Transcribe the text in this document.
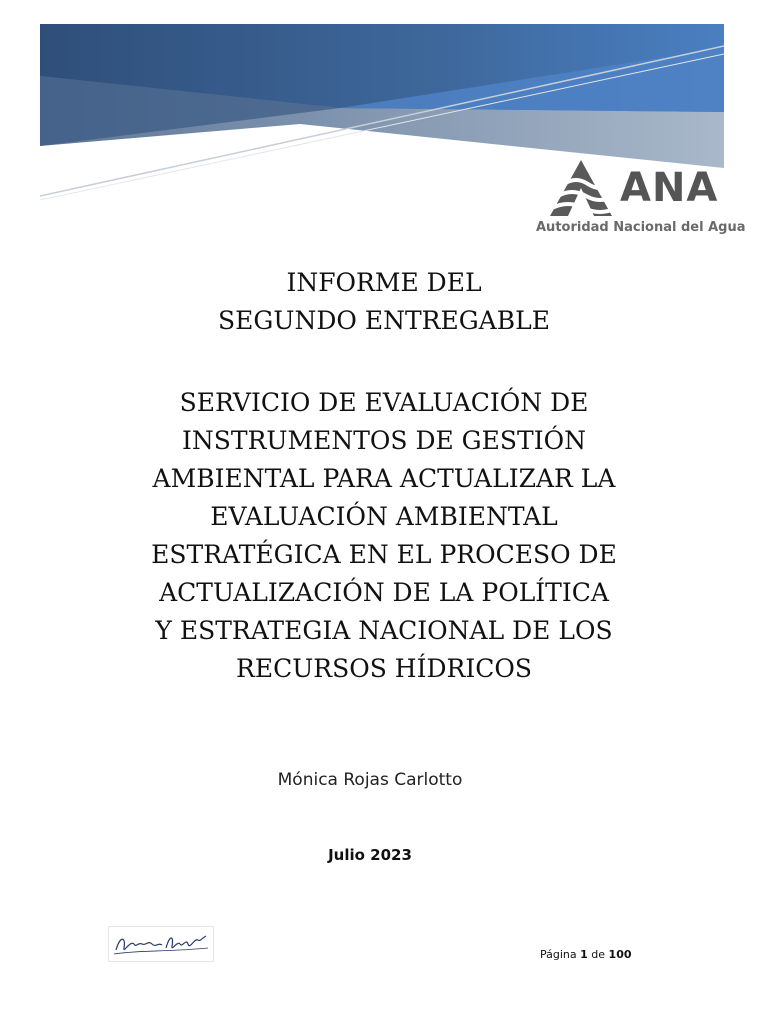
ANA
Autoridad Nacional del Agua
INFORME DEL
SEGUNDO ENTREGABLE
SERVICIO DE EVALUACIÓN DE
INSTRUMENTOS DE GESTIÓN
AMBIENTAL PARA ACTUALIZAR LA
EVALUACIÓN AMBIENTAL
ESTRATÉGICA EN EL PROCESO DE
ACTUALIZACIÓN DE LA POLÍTICA
Y ESTRATEGIA NACIONAL DE LOS
RECURSOS HÍDRICOS
Mónica Rojas Carlotto
Julio 2023
Página 1 de 100
